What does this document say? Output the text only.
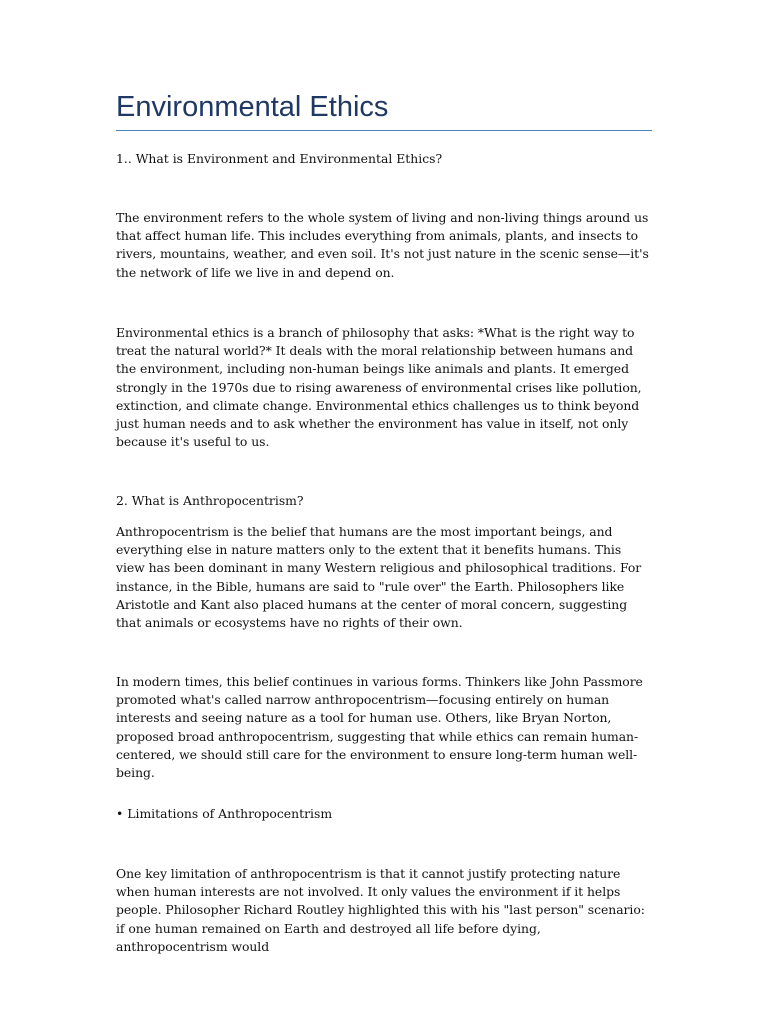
Environmental Ethics

1.. What is Environment and Environmental Ethics?

The environment refers to the whole system of living and non-living things around us that affect human life. This includes everything from animals, plants, and insects to rivers, mountains, weather, and even soil. It's not just nature in the scenic sense—it's the network of life we live in and depend on.

Environmental ethics is a branch of philosophy that asks: *What is the right way to treat the natural world?* It deals with the moral relationship between humans and the environment, including non-human beings like animals and plants. It emerged strongly in the 1970s due to rising awareness of environmental crises like pollution, extinction, and climate change. Environmental ethics challenges us to think beyond just human needs and to ask whether the environment has value in itself, not only because it's useful to us.

2. What is Anthropocentrism?

Anthropocentrism is the belief that humans are the most important beings, and everything else in nature matters only to the extent that it benefits humans. This view has been dominant in many Western religious and philosophical traditions. For instance, in the Bible, humans are said to "rule over" the Earth. Philosophers like Aristotle and Kant also placed humans at the center of moral concern, suggesting that animals or ecosystems have no rights of their own.

In modern times, this belief continues in various forms. Thinkers like John Passmore promoted what's called narrow anthropocentrism—focusing entirely on human interests and seeing nature as a tool for human use. Others, like Bryan Norton, proposed broad anthropocentrism, suggesting that while ethics can remain human-centered, we should still care for the environment to ensure long-term human well-being.

• Limitations of Anthropocentrism

One key limitation of anthropocentrism is that it cannot justify protecting nature when human interests are not involved. It only values the environment if it helps people. Philosopher Richard Routley highlighted this with his "last person" scenario: if one human remained on Earth and destroyed all life before dying, anthropocentrism would
